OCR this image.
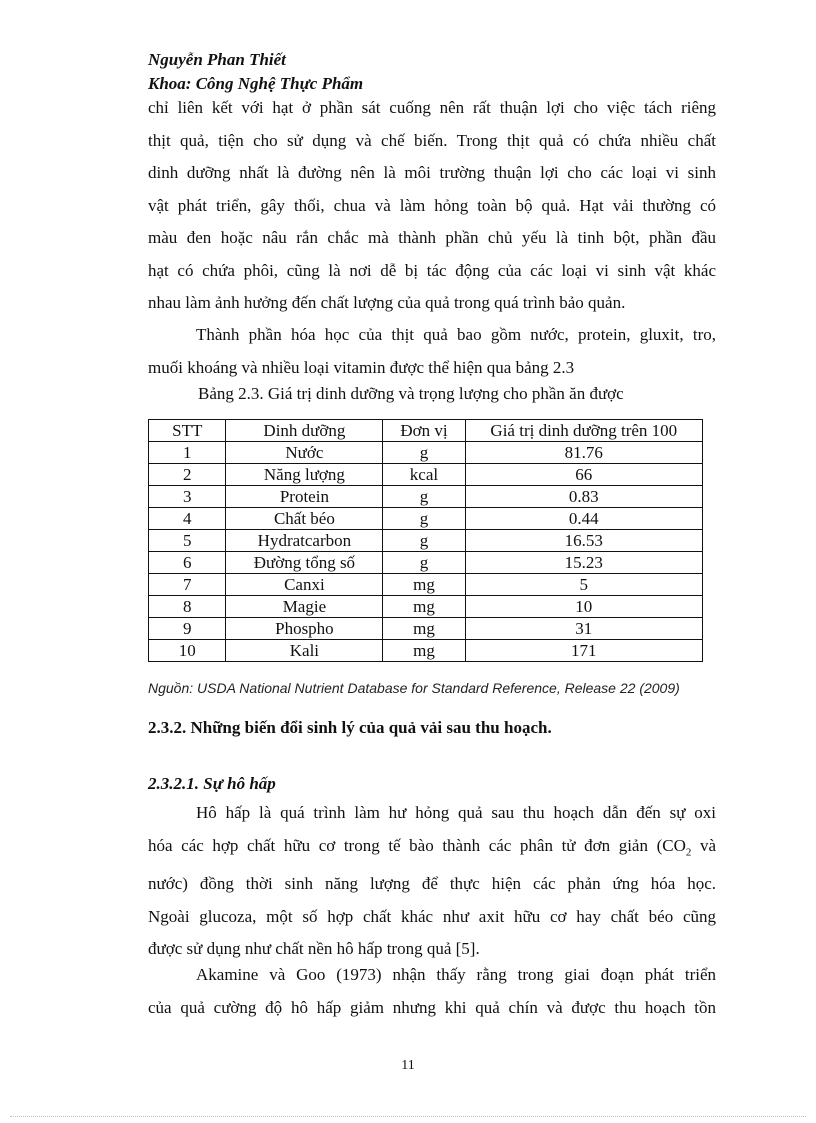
Nguyễn Phan Thiết
Khoa: Công Nghệ Thực Phẩm
chỉ liên kết với hạt ở phần sát cuống nên rất thuận lợi cho việc tách riêng
thịt quả, tiện cho sử dụng và chế biến. Trong thịt quả có chứa nhiều chất
dinh dưỡng nhất là đường nên là môi trường thuận lợi cho các loại vi sinh
vật phát triển, gây thối, chua và làm hỏng toàn bộ quả. Hạt vải thường có
màu đen hoặc nâu rắn chắc mà thành phần chủ yếu là tinh bột, phần đầu
hạt có chứa phôi, cũng là nơi dễ bị tác động của các loại vi sinh vật khác
nhau làm ảnh hưởng đến chất lượng của quả trong quá trình bảo quản.
Thành phần hóa học của thịt quả bao gồm nước, protein, gluxit, tro,
muối khoáng và nhiều loại vitamin được thể hiện qua bảng 2.3
Bảng 2.3. Giá trị dinh dưỡng và trọng lượng cho phần ăn được
STT	Dinh dưỡng	Đơn vị	Giá trị dinh dưỡng trên 100
1	Nước	g	81.76
2	Năng lượng	kcal	66
3	Protein	g	0.83
4	Chất béo	g	0.44
5	Hydratcarbon	g	16.53
6	Đường tổng số	g	15.23
7	Canxi	mg	5
8	Magie	mg	10
9	Phospho	mg	31
10	Kali	mg	171
Nguồn: USDA National Nutrient Database for Standard Reference, Release 22 (2009)
2.3.2. Những biến đổi sinh lý của quả vải sau thu hoạch.
2.3.2.1. Sự hô hấp
Hô hấp là quá trình làm hư hỏng quả sau thu hoạch dẫn đến sự oxi
hóa các hợp chất hữu cơ trong tế bào thành các phân tử đơn giản ($CO_2$ và
nước) đồng thời sinh năng lượng để thực hiện các phản ứng hóa học.
Ngoài glucoza, một số hợp chất khác như axit hữu cơ hay chất béo cũng
được sử dụng như chất nền hô hấp trong quả [5].
Akamine và Goo (1973) nhận thấy rằng trong giai đoạn phát triển
của quả cường độ hô hấp giảm nhưng khi quả chín và được thu hoạch tồn
11
